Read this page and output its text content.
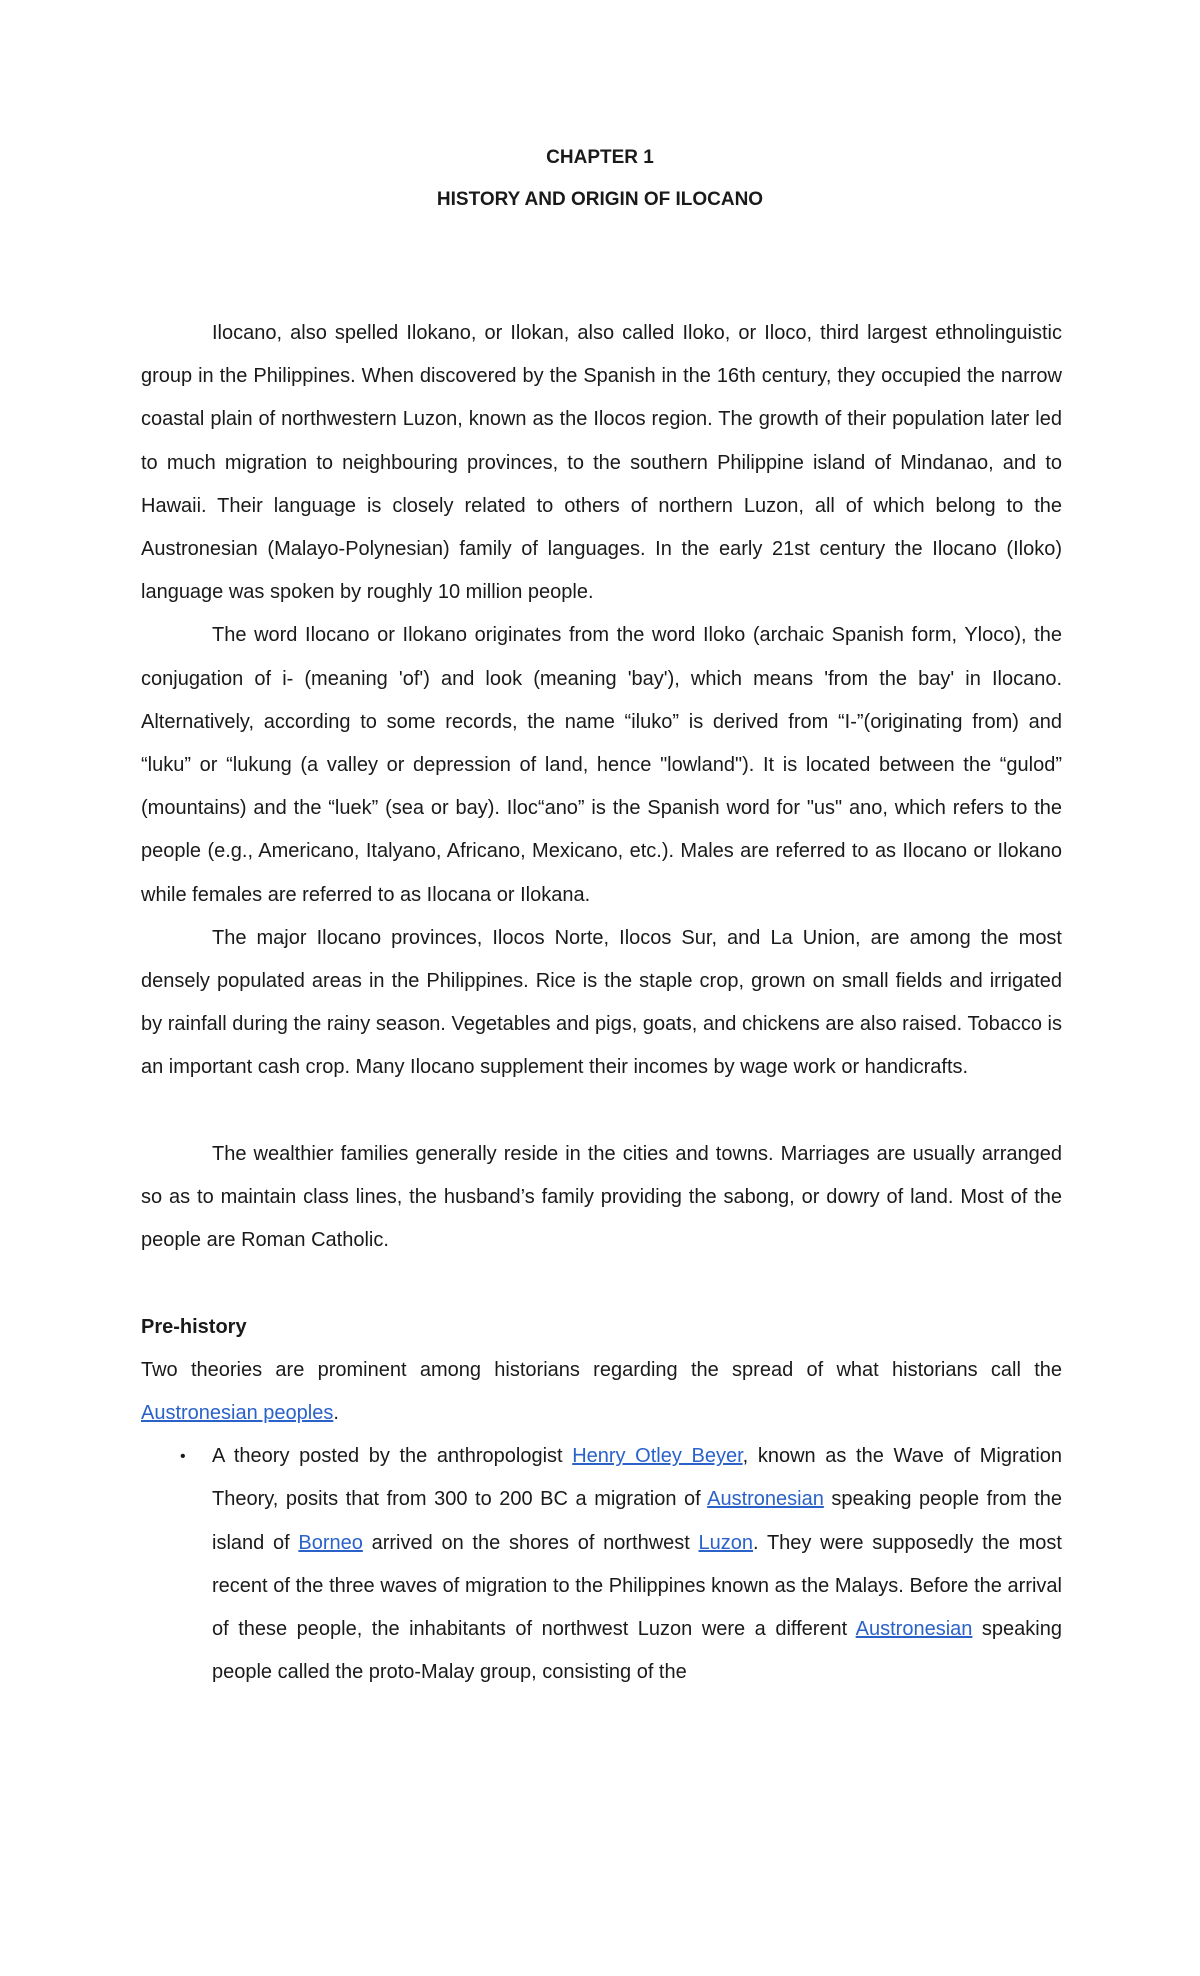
CHAPTER 1
HISTORY AND ORIGIN OF ILOCANO

Ilocano, also spelled Ilokano, or Ilokan, also called Iloko, or Iloco, third largest ethnolinguistic group in the Philippines. When discovered by the Spanish in the 16th century, they occupied the narrow coastal plain of northwestern Luzon, known as the Ilocos region. The growth of their population later led to much migration to neighbouring provinces, to the southern Philippine island of Mindanao, and to Hawaii. Their language is closely related to others of northern Luzon, all of which belong to the Austronesian (Malayo-Polynesian) family of languages. In the early 21st century the Ilocano (Iloko) language was spoken by roughly 10 million people.

The word Ilocano or Ilokano originates from the word Iloko (archaic Spanish form, Yloco), the conjugation of i- (meaning 'of') and look (meaning 'bay'), which means 'from the bay' in Ilocano. Alternatively, according to some records, the name “iluko” is derived from “I-”(originating from) and “luku” or “lukung (a valley or depression of land, hence "lowland"). It is located between the “gulod” (mountains) and the “luek” (sea or bay). Iloc“ano” is the Spanish word for "us" ano, which refers to the people (e.g., Americano, Italyano, Africano, Mexicano, etc.). Males are referred to as Ilocano or Ilokano while females are referred to as Ilocana or Ilokana.

The major Ilocano provinces, Ilocos Norte, Ilocos Sur, and La Union, are among the most densely populated areas in the Philippines. Rice is the staple crop, grown on small fields and irrigated by rainfall during the rainy season. Vegetables and pigs, goats, and chickens are also raised. Tobacco is an important cash crop. Many Ilocano supplement their incomes by wage work or handicrafts.

The wealthier families generally reside in the cities and towns. Marriages are usually arranged so as to maintain class lines, the husband’s family providing the sabong, or dowry of land. Most of the people are Roman Catholic.

Pre-history

Two theories are prominent among historians regarding the spread of what historians call the Austronesian peoples.

• A theory posted by the anthropologist Henry Otley Beyer, known as the Wave of Migration Theory, posits that from 300 to 200 BC a migration of Austronesian speaking people from the island of Borneo arrived on the shores of northwest Luzon. They were supposedly the most recent of the three waves of migration to the Philippines known as the Malays. Before the arrival of these people, the inhabitants of northwest Luzon were a different Austronesian speaking people called the proto-Malay group, consisting of the
